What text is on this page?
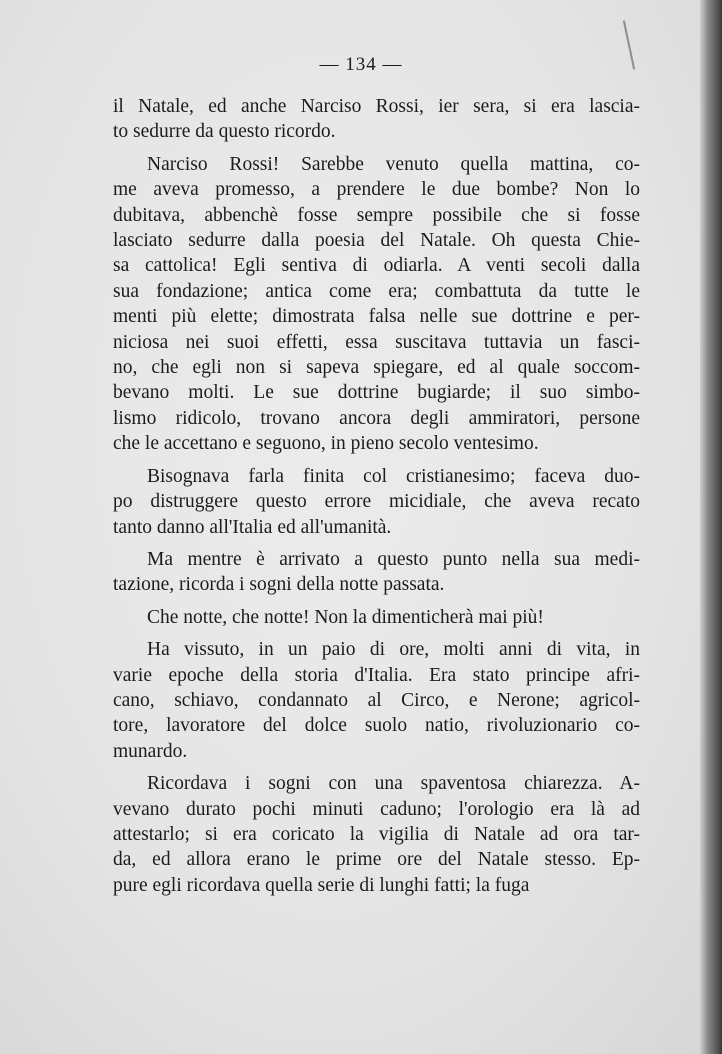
— 134 —
il Natale, ed anche Narciso Rossi, ier sera, si era lascia-
to sedurre da questo ricordo.
Narciso Rossi! Sarebbe venuto quella mattina, co-
me aveva promesso, a prendere le due bombe? Non lo
dubitava, abbenchè fosse sempre possibile che si fosse
lasciato sedurre dalla poesia del Natale. Oh questa Chie-
sa cattolica! Egli sentiva di odiarla. A venti secoli dalla
sua fondazione; antica come era; combattuta da tutte le
menti più elette; dimostrata falsa nelle sue dottrine e per-
niciosa nei suoi effetti, essa suscitava tuttavia un fasci-
no, che egli non si sapeva spiegare, ed al quale soccom-
bevano molti. Le sue dottrine bugiarde; il suo simbo-
lismo ridicolo, trovano ancora degli ammiratori, persone
che le accettano e seguono, in pieno secolo ventesimo.
Bisognava farla finita col cristianesimo; faceva duo-
po distruggere questo errore micidiale, che aveva recato
tanto danno all'Italia ed all'umanità.
Ma mentre è arrivato a questo punto nella sua medi-
tazione, ricorda i sogni della notte passata.
Che notte, che notte! Non la dimenticherà mai più!
Ha vissuto, in un paio di ore, molti anni di vita, in
varie epoche della storia d'Italia. Era stato principe afri-
cano, schiavo, condannato al Circo, e Nerone; agricol-
tore, lavoratore del dolce suolo natio, rivoluzionario co-
munardo.
Ricordava i sogni con una spaventosa chiarezza. A-
vevano durato pochi minuti caduno; l'orologio era là ad
attestarlo; si era coricato la vigilia di Natale ad ora tar-
da, ed allora erano le prime ore del Natale stesso. Ep-
pure egli ricordava quella serie di lunghi fatti; la fuga
